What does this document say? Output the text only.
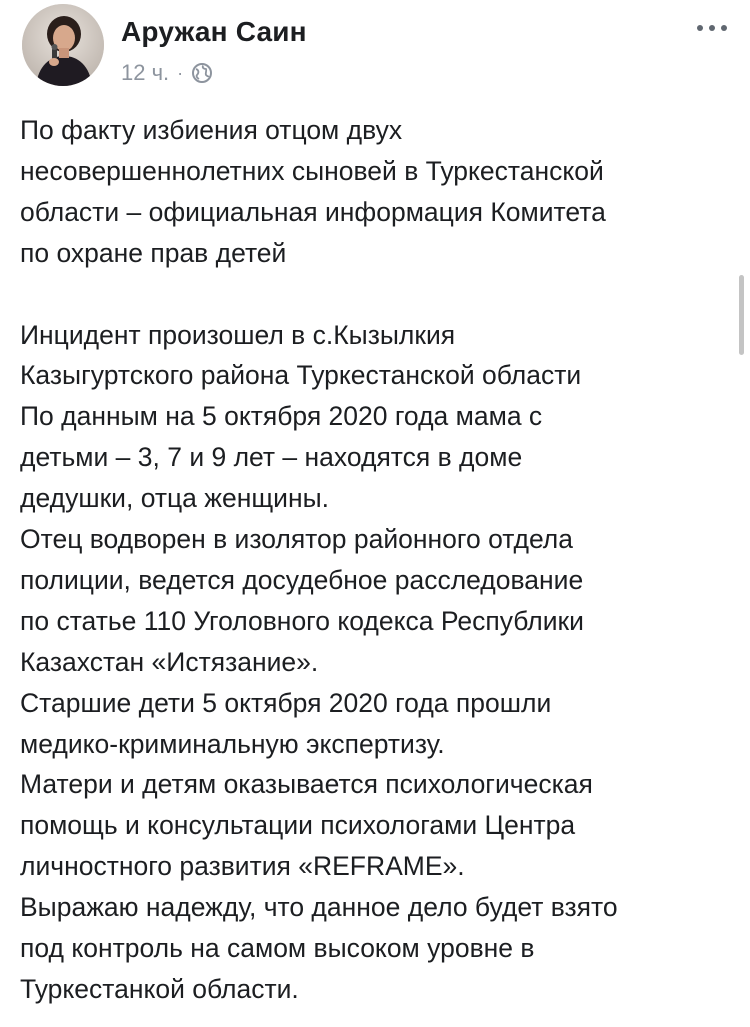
Аружан Саин
12 ч. ·

По факту избиения отцом двух

несовершеннолетних сыновей в Туркестанской

области – официальная информация Комитета

по охране прав детей

Инцидент произошел в с.Кызылкия

Казыгуртского района Туркестанской области

По данным на 5 октября 2020 года мама с

детьми – 3, 7 и 9 лет – находятся в доме

дедушки, отца женщины.

Отец водворен в изолятор районного отдела

полиции, ведется досудебное расследование

по статье 110 Уголовного кодекса Республики

Казахстан «Истязание».

Старшие дети 5 октября 2020 года прошли

медико-криминальную экспертизу.

Матери и детям оказывается психологическая

помощь и консультации психологами Центра

личностного развития «REFRAME».

Выражаю надежду, что данное дело будет взято

под контроль на самом высоком уровне в

Туркестанкой области.
